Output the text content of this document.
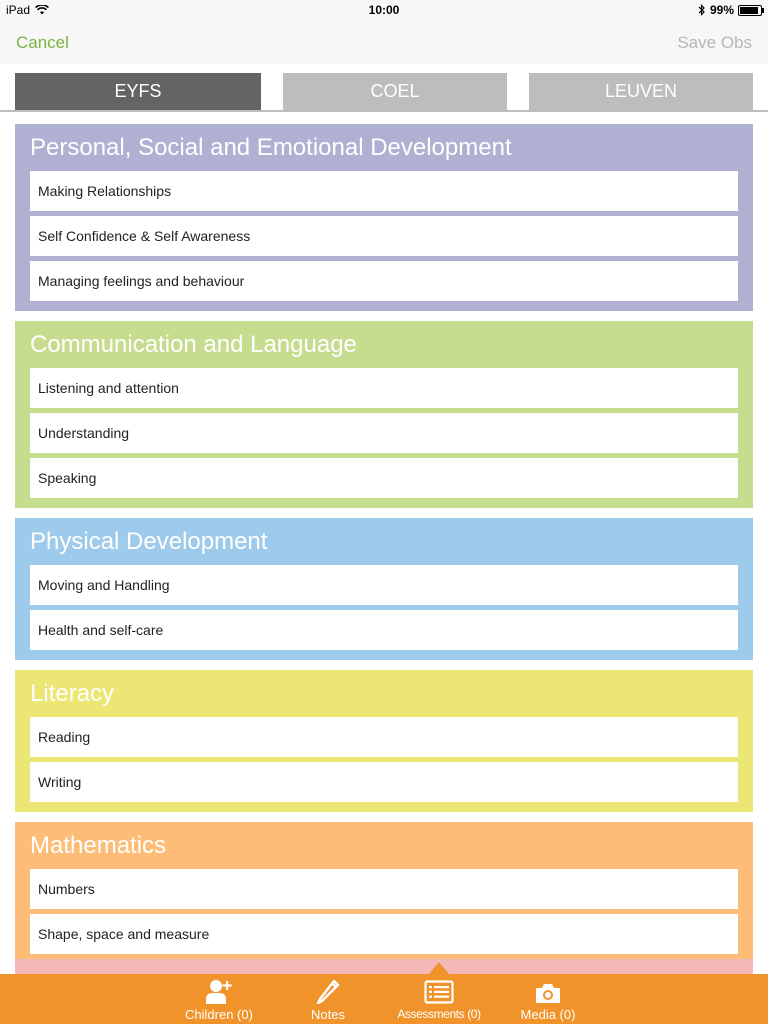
iPad	10:00	99%
Cancel	Save Obs
EYFS	COEL	LEUVEN
Personal, Social and Emotional Development
Making Relationships
Self Confidence & Self Awareness
Managing feelings and behaviour
Communication and Language
Listening and attention
Understanding
Speaking
Physical Development
Moving and Handling
Health and self-care
Literacy
Reading
Writing
Mathematics
Numbers
Shape, space and measure
Children (0)	Notes	Assessments (0)	Media (0)
